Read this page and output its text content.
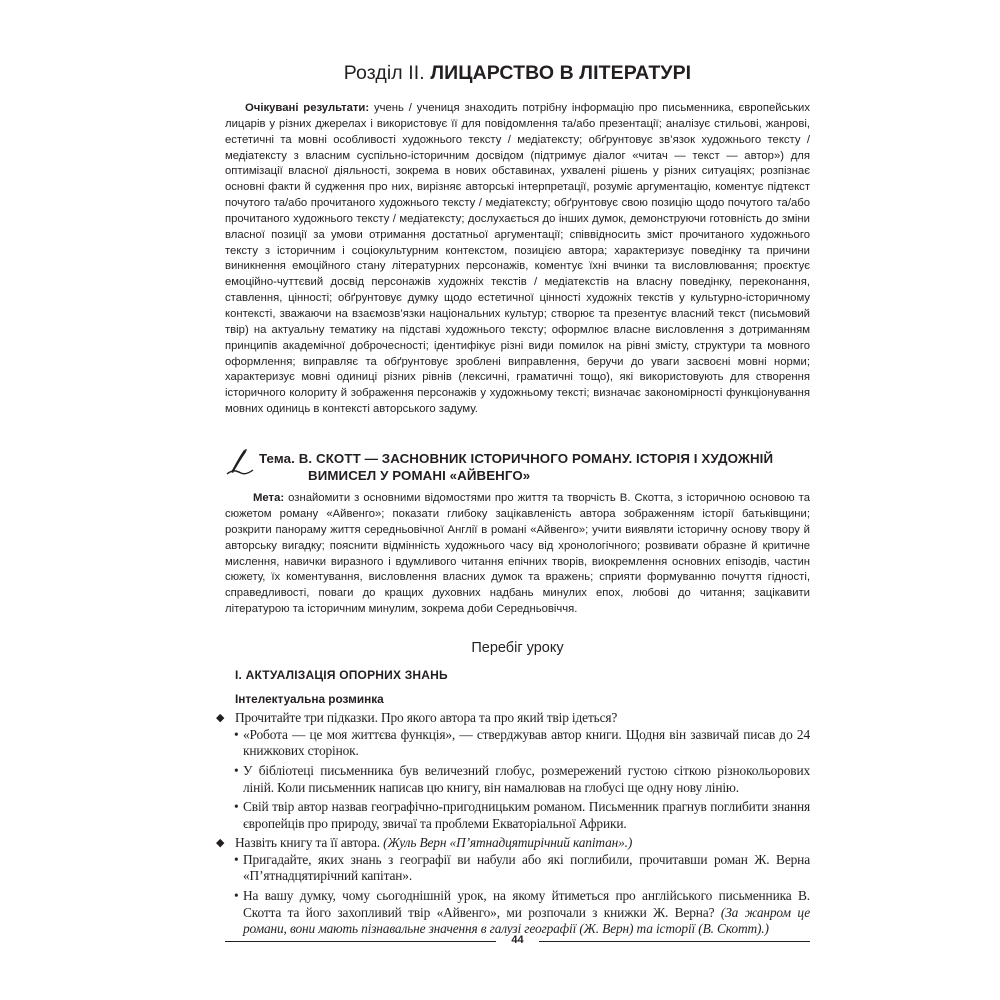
Розділ ІІ. ЛИЦАРСТВО В ЛІТЕРАТУРІ

Очікувані результати: учень / учениця знаходить потрібну інформацію про письменника, європейських лицарів у різних джерелах і використовує її для повідомлення та/або презентації; аналізує стильові, жанрові, естетичні та мовні особливості художнього тексту / медіатексту; обґрунтовує зв’язок художнього тексту / медіатексту з власним суспільно-історичним досвідом (підтримує діалог «читач — текст — автор») для оптимізації власної діяльності, зокрема в нових обставинах, ухвалені рішень у різних ситуаціях; розпізнає основні факти й судження про них, вирізняє авторські інтерпретації, розуміє аргументацію, коментує підтекст почутого та/або прочитаного художнього тексту / медіатексту; обґрунтовує свою позицію щодо почутого та/або прочитаного художнього тексту / медіатексту; дослухається до інших думок, демонструючи готовність до зміни власної позиції за умови отримання достатньої аргументації; співвідносить зміст прочитаного художнього тексту з історичним і соціокультурним контекстом, позицією автора; характеризує поведінку та причини виникнення емоційного стану літературних персонажів, коментує їхні вчинки та висловлювання; проєктує емоційно-чуттєвий досвід персонажів художніх текстів / медіатекстів на власну поведінку, переконання, ставлення, цінності; обґрунтовує думку щодо естетичної цінності художніх текстів у культурно-історичному контексті, зважаючи на взаємозв’язки національних культур; створює та презентує власний текст (письмовий твір) на актуальну тематику на підставі художнього тексту; оформлює власне висловлення з дотриманням принципів академічної доброчесності; ідентифікує різні види помилок на рівні змісту, структури та мовного оформлення; виправляє та обґрунтовує зроблені виправлення, беручи до уваги засвоєні мовні норми; характеризує мовні одиниці різних рівнів (лексичні, граматичні тощо), які використовують для створення історичного колориту й зображення персонажів у художньому тексті; визначає закономірності функціонування мовних одиниць в контексті авторського задуму.

Тема. В. СКОТТ — ЗАСНОВНИК ІСТОРИЧНОГО РОМАНУ. ІСТОРІЯ І ХУДОЖНІЙ
ВИМИСЕЛ У РОМАНІ «АЙВЕНГО»

Мета: ознайомити з основними відомостями про життя та творчість В. Скотта, з історичною основою та сюжетом роману «Айвенго»; показати глибоку зацікавленість автора зображенням історії батьківщини; розкрити панораму життя середньовічної Англії в романі «Айвенго»; учити виявляти історичну основу твору й авторську вигадку; пояснити відмінність художнього часу від хронологічного; розвивати образне й критичне мислення, навички виразного і вдумливого читання епічних творів, виокремлення основних епізодів, частин сюжету, їх коментування, висловлення власних думок та вражень; сприяти формуванню почуття гідності, справедливості, поваги до кращих духовних надбань минулих епох, любові до читання; зацікавити літературою та історичним минулим, зокрема доби Середньовіччя.

Перебіг уроку
І. АКТУАЛІЗАЦІЯ ОПОРНИХ ЗНАНЬ
Інтелектуальна розминка

◆ Прочитайте три підказки. Про якого автора та про який твір ідеться?

• «Робота — це моя життєва функція», — стверджував автор книги. Щодня він зазвичай писав до 24 книжкових сторінок.

• У бібліотеці письменника був величезний глобус, розмережений густою сіткою різнокольорових ліній. Коли письменник написав цю книгу, він намалював на глобусі ще одну нову лінію.

• Свій твір автор назвав географічно-пригодницьким романом. Письменник прагнув поглибити знання європейців про природу, звичаї та проблеми Екваторіальної Африки.

◆ Назвіть книгу та її автора. (Жуль Верн «П’ятнадцятирічний капітан».)

• Пригадайте, яких знань з географії ви набули або які поглибили, прочитавши роман Ж. Верна «П’ятнадцятирічний капітан».

• На вашу думку, чому сьогоднішній урок, на якому йтиметься про англійського письменника В. Скотта та його захопливий твір «Айвенго», ми розпочали з книжки Ж. Верна? (За жанром це романи, вони мають пізнавальне значення в галузі географії (Ж. Верн) та історії (В. Скотт).)

44
